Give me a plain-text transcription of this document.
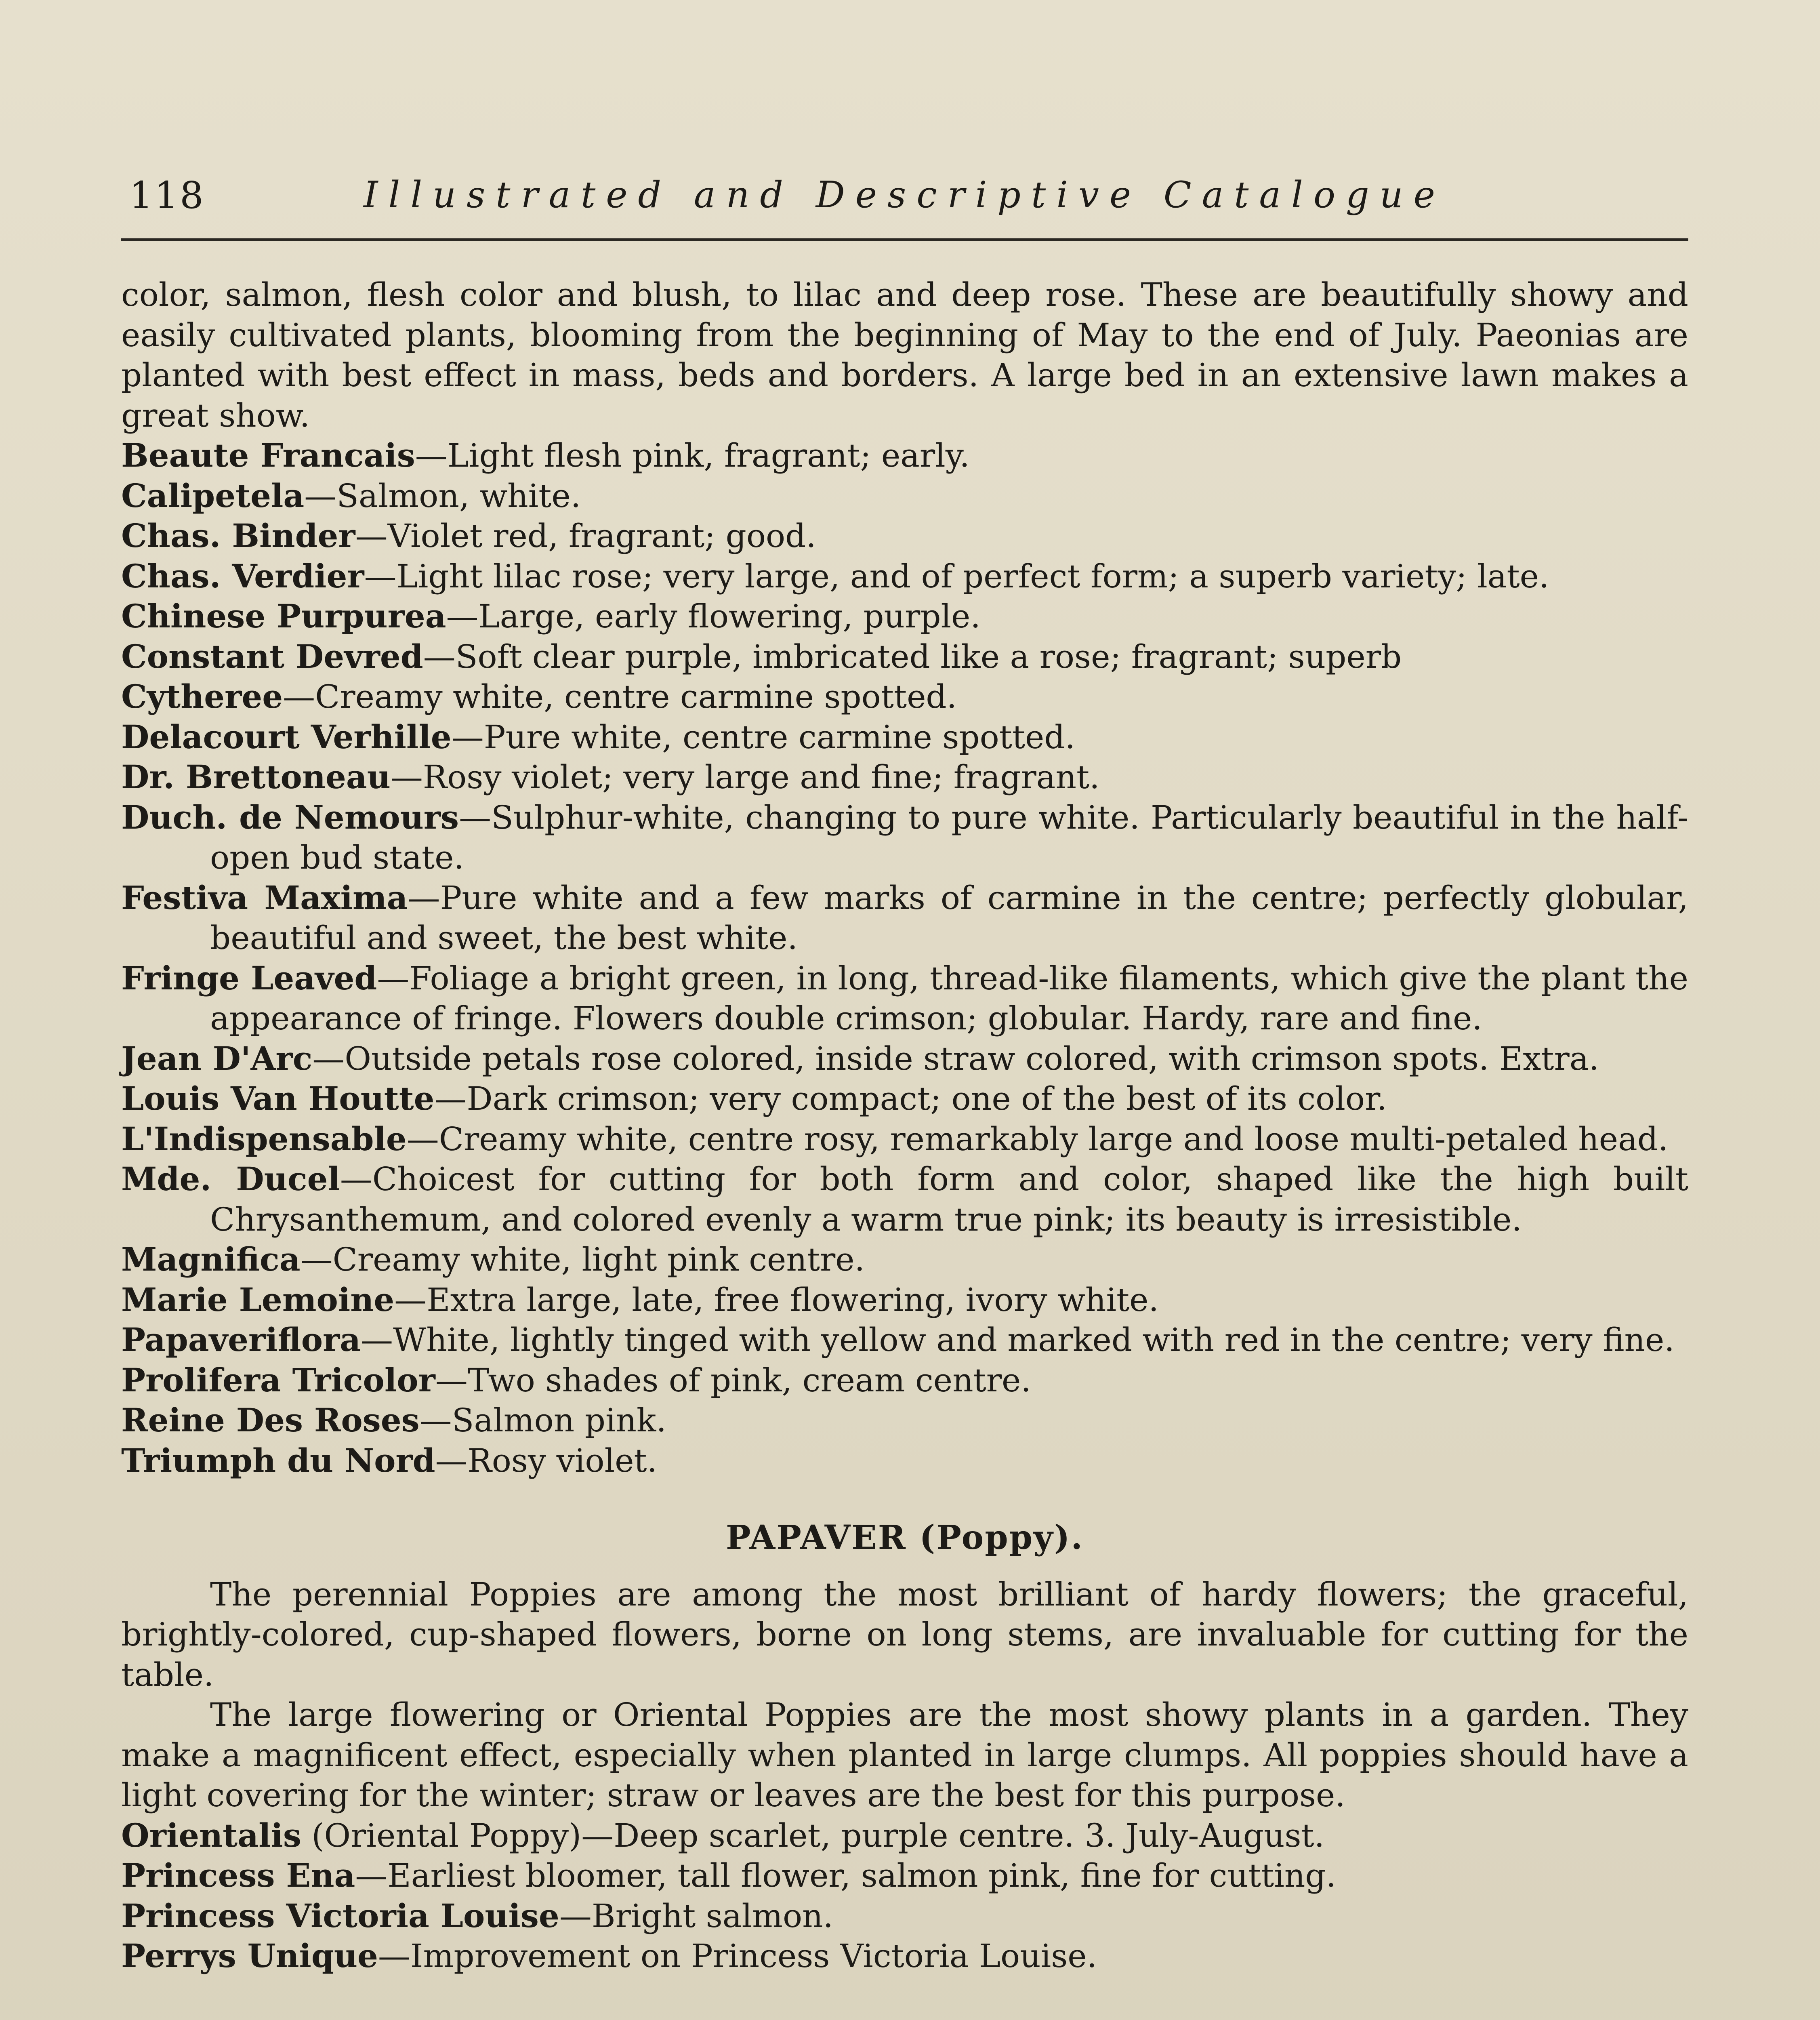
118	Illustrated and Descriptive Catalogue
color, salmon, flesh color and blush, to lilac and deep rose. These are beautifully showy and easily cultivated plants, blooming from the beginning of May to the end of July. Paeonias are planted with best effect in mass, beds and borders. A large bed in an extensive lawn makes a great show.
Beaute Francais—Light flesh pink, fragrant; early.
Calipetela—Salmon, white.
Chas. Binder—Violet red, fragrant; good.
Chas. Verdier—Light lilac rose; very large, and of perfect form; a superb variety; late.
Chinese Purpurea—Large, early flowering, purple.
Constant Devred—Soft clear purple, imbricated like a rose; fragrant; superb
Cytheree—Creamy white, centre carmine spotted.
Delacourt Verhille—Pure white, centre carmine spotted.
Dr. Brettoneau—Rosy violet; very large and fine; fragrant.
Duch. de Nemours—Sulphur-white, changing to pure white. Particularly beautiful in the half-open bud state.
Festiva Maxima—Pure white and a few marks of carmine in the centre; perfectly globular, beautiful and sweet, the best white.
Fringe Leaved—Foliage a bright green, in long, thread-like filaments, which give the plant the appearance of fringe. Flowers double crimson; globular. Hardy, rare and fine.
Jean D'Arc—Outside petals rose colored, inside straw colored, with crimson spots. Extra.
Louis Van Houtte—Dark crimson; very compact; one of the best of its color.
L'Indispensable—Creamy white, centre rosy, remarkably large and loose multi-petaled head.
Mde. Ducel—Choicest for cutting for both form and color, shaped like the high built Chrysanthemum, and colored evenly a warm true pink; its beauty is irresistible.
Magnifica—Creamy white, light pink centre.
Marie Lemoine—Extra large, late, free flowering, ivory white.
Papaveriflora—White, lightly tinged with yellow and marked with red in the centre; very fine.
Prolifera Tricolor—Two shades of pink, cream centre.
Reine Des Roses—Salmon pink.
Triumph du Nord—Rosy violet.
PAPAVER (Poppy).
The perennial Poppies are among the most brilliant of hardy flowers; the graceful, brightly-colored, cup-shaped flowers, borne on long stems, are invaluable for cutting for the table.
The large flowering or Oriental Poppies are the most showy plants in a garden. They make a magnificent effect, especially when planted in large clumps. All poppies should have a light covering for the winter; straw or leaves are the best for this purpose.
Orientalis (Oriental Poppy)—Deep scarlet, purple centre. 3. July-August.
Princess Ena—Earliest bloomer, tall flower, salmon pink, fine for cutting.
Princess Victoria Louise—Bright salmon.
Perrys Unique—Improvement on Princess Victoria Louise.
